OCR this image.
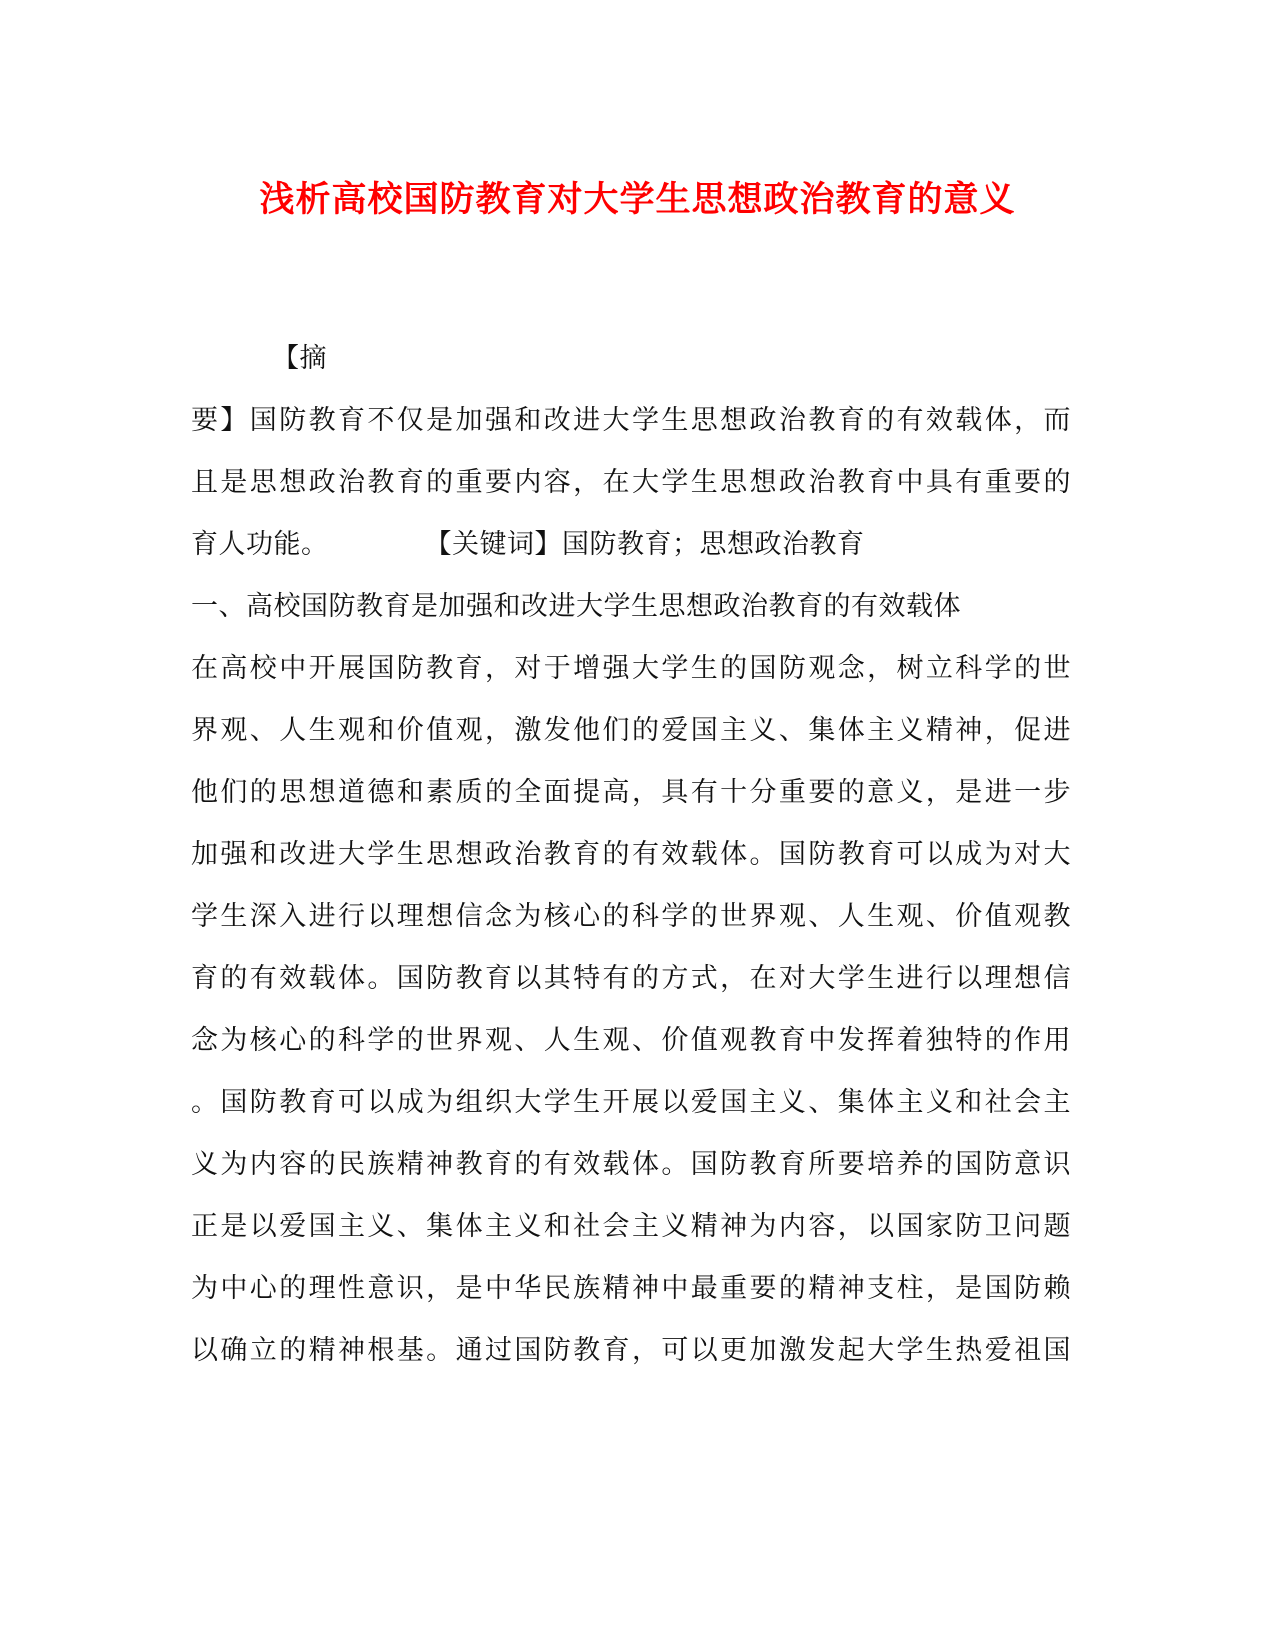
浅析高校国防教育对大学生思想政治教育的意义
【摘
要】国防教育不仅是加强和改进大学生思想政治教育的有效载体，而
且是思想政治教育的重要内容，在大学生思想政治教育中具有重要的
育人功能。	【关键词】国防教育；思想政治教育
一、高校国防教育是加强和改进大学生思想政治教育的有效载体
在高校中开展国防教育，对于增强大学生的国防观念，树立科学的世
界观、人生观和价值观，激发他们的爱国主义、集体主义精神，促进
他们的思想道德和素质的全面提高，具有十分重要的意义，是进一步
加强和改进大学生思想政治教育的有效载体。国防教育可以成为对大
学生深入进行以理想信念为核心的科学的世界观、人生观、价值观教
育的有效载体。国防教育以其特有的方式，在对大学生进行以理想信
念为核心的科学的世界观、人生观、价值观教育中发挥着独特的作用
。国防教育可以成为组织大学生开展以爱国主义、集体主义和社会主
义为内容的民族精神教育的有效载体。国防教育所要培养的国防意识
正是以爱国主义、集体主义和社会主义精神为内容，以国家防卫问题
为中心的理性意识，是中华民族精神中最重要的精神支柱，是国防赖
以确立的精神根基。通过国防教育，可以更加激发起大学生热爱祖国
